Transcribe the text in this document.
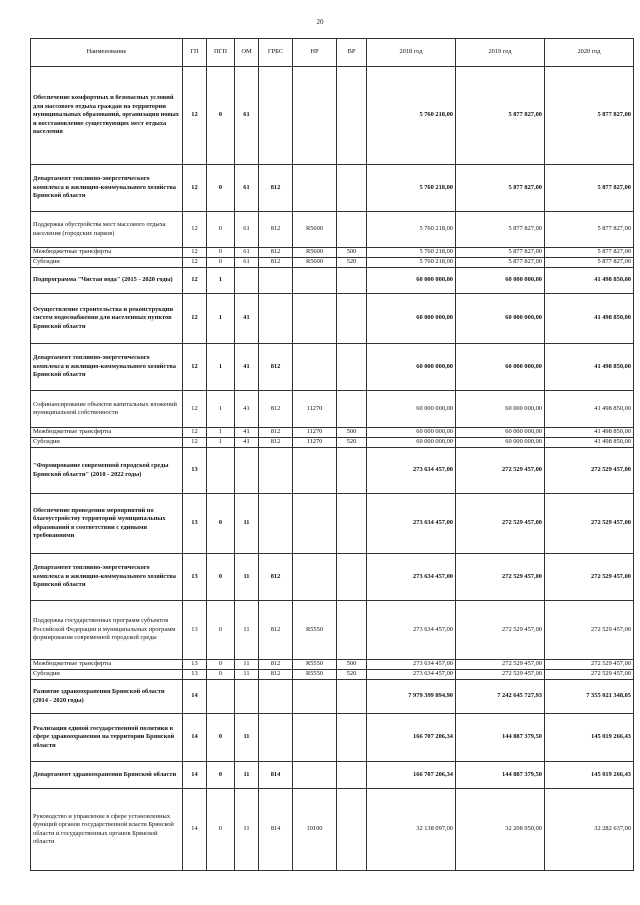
20
Наименование	ГП	ПГП	ОМ	ГРБС	НР	ВР	2018 год	2019 год	2020 год
Обеспечение комфортных и безопасных условий для массового отдыха граждан на территории муниципальных образований, организация новых и восстановление существующих мест отдыха населения	12	0	61				5 760 218,00	5 877 827,00	5 877 827,00
Департамент топливно-энергетического комплекса и жилищно-коммунального хозяйства Брянской области	12	0	61	812			5 760 218,00	5 877 827,00	5 877 827,00
Поддержка обустройства мест массового отдыха населения (городских парков)	12	0	61	812	R5600		5 760 218,00	5 877 827,00	5 877 827,00
Межбюджетные трансферты	12	0	61	812	R5600	500	5 760 218,00	5 877 827,00	5 877 827,00
Субсидии	12	0	61	812	R5600	520	5 760 218,00	5 877 827,00	5 877 827,00
Подпрограмма "Чистая вода" (2015 - 2020 годы)	12	1					60 000 000,00	60 000 000,00	41 498 850,00
Осуществление строительства и реконструкции систем водоснабжения для населенных пунктов Брянской области	12	1	41				60 000 000,00	60 000 000,00	41 498 850,00
Департамент топливно-энергетического комплекса и жилищно-коммунального хозяйства Брянской области	12	1	41	812			60 000 000,00	60 000 000,00	41 498 850,00
Софинансирование объектов капитальных вложений муниципальной собственности	12	1	41	812	11270		60 000 000,00	60 000 000,00	41 498 850,00
Межбюджетные трансферты	12	1	41	812	11270	500	60 000 000,00	60 000 000,00	41 498 850,00
Субсидии	12	1	41	812	11270	520	60 000 000,00	60 000 000,00	41 498 850,00
"Формирование современной городской среды Брянской области" (2018 - 2022 годы)	13						273 634 457,00	272 529 457,00	272 529 457,00
Обеспечение проведения мероприятий по благоустройству территорий муниципальных образований в соответствии с едиными требованиями	13	0	11				273 634 457,00	272 529 457,00	272 529 457,00
Департамент топливно-энергетического комплекса и жилищно-коммунального хозяйства Брянской области	13	0	11	812			273 634 457,00	272 529 457,00	272 529 457,00
Поддержка государственных программ субъектов Российской Федерации и муниципальных программ формирования современной городской среды	13	0	11	812	R5550		273 634 457,00	272 529 457,00	272 529 457,00
Межбюджетные трансферты	13	0	11	812	R5550	500	273 634 457,00	272 529 457,00	272 529 457,00
Субсидии	13	0	11	812	R5550	520	273 634 457,00	272 529 457,00	272 529 457,00
Развитие здравоохранения Брянской области (2014 - 2020 годы)	14						7 979 399 894,90	7 242 645 727,93	7 355 021 348,05
Реализация единой государственной политики в сфере здравоохранения на территории Брянской области	14	0	11				166 707 206,34	144 887 379,50	145 019 266,43
Департамент здравоохранения Брянской области	14	0	11	814			166 707 206,34	144 887 379,50	145 019 266,43
Руководство и управление в сфере установленных функций органов государственной власти Брянской области и государственных органов Брянской области	14	0	11	814	10100		32 138 097,00	32 208 950,00	32 282 637,00
